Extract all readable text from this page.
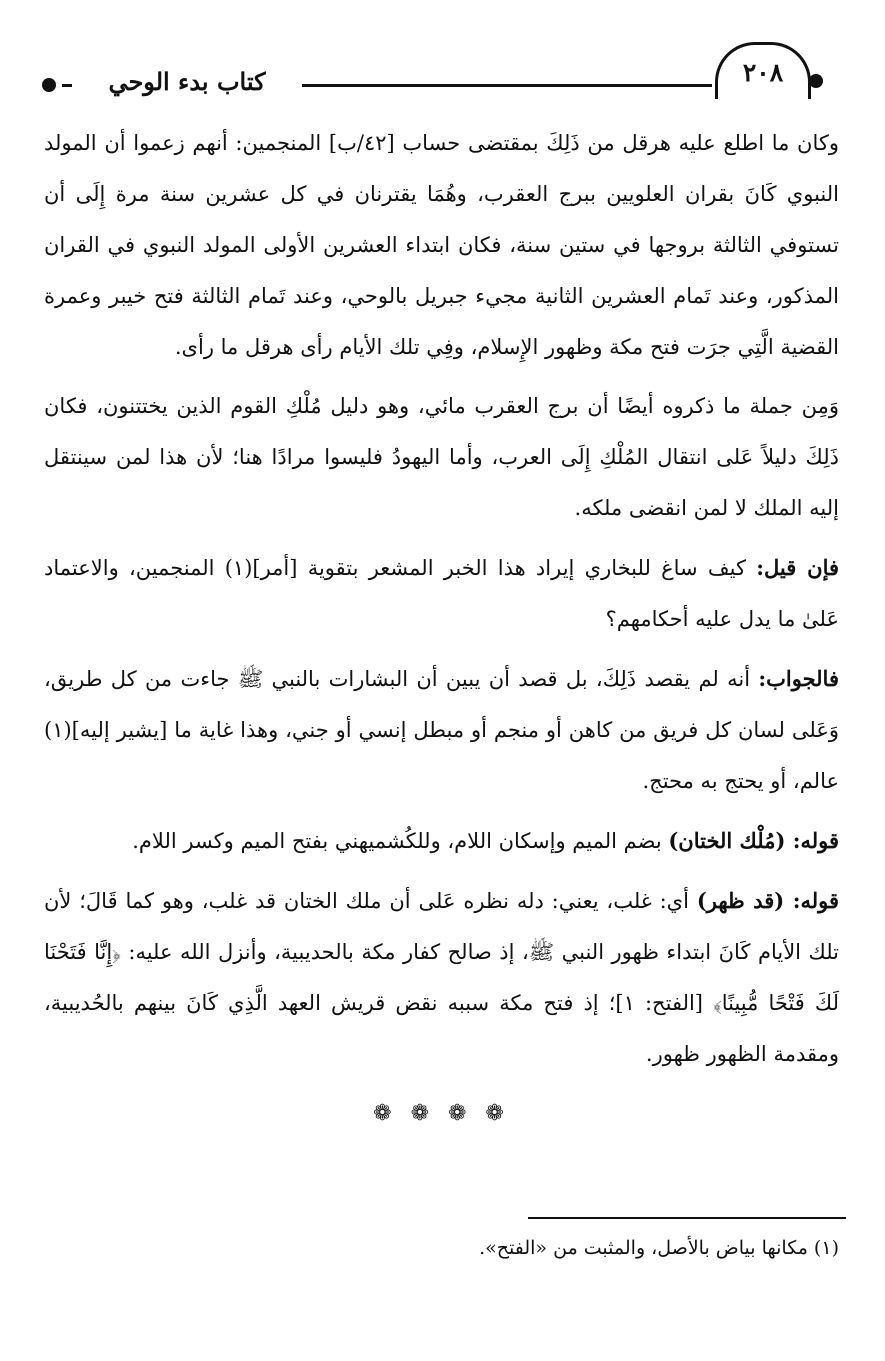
٢٠٨
كتاب بدء الوحي

وكان ما اطلع عليه هرقل من ذَلِكَ بمقتضى حساب [٤٢/ب] المنجمين: أنهم زعموا أن المولد النبوي كَانَ بقران العلويين ببرج العقرب، وهُمَا يقترنان في كل عشرين سنة مرة إِلَى أن تستوفي الثالثة بروجها في ستين سنة، فكان ابتداء العشرين الأولى المولد النبوي في القران المذكور، وعند تَمام العشرين الثانية مجيء جبريل بالوحي، وعند تَمام الثالثة فتح خيبر وعمرة القضية الَّتِي جرَت فتح مكة وظهور الإِسلام، وفِي تلك الأيام رأى هرقل ما رأى.

وَمِن جملة ما ذكروه أيضًا أن برج العقرب مائي، وهو دليل مُلْكِ القوم الذين يختتنون، فكان ذَلِكَ دليلاً عَلى انتقال المُلْكِ إِلَى العرب، وأما اليهودُ فليسوا مرادًا هنا؛ لأن هذا لمن سينتقل إليه الملك لا لمن انقضى ملكه.

فإن قيل: كيف ساغ للبخاري إيراد هذا الخبر المشعر بتقوية [أمر](١) المنجمين، والاعتماد عَلىٰ ما يدل عليه أحكامهم؟

فالجواب: أنه لم يقصد ذَلِكَ، بل قصد أن يبين أن البشارات بالنبي ﷺ جاءت من كل طريق، وَعَلى لسان كل فريق من كاهن أو منجم أو مبطل إنسي أو جني، وهذا غاية ما [يشير إليه](١) عالم، أو يحتج به محتج.

قوله: (مُلْك الختان) بضم الميم وإسكان اللام، وللكُشميهني بفتح الميم وكسر اللام.

قوله: (قد ظهر) أي: غلب، يعني: دله نظره عَلى أن ملك الختان قد غلب، وهو كما قَالَ؛ لأن تلك الأيام كَانَ ابتداء ظهور النبي ﷺ، إذ صالح كفار مكة بالحديبية، وأنزل الله عليه: ﴿إِنَّا فَتَحْنَا لَكَ فَتْحًا مُّبِينًا﴾ [الفتح: ١]؛ إذ فتح مكة سببه نقض قريش العهد الَّذِي كَانَ بينهم بالحُديبية، ومقدمة الظهور ظهور.

❁ ❁ ❁ ❁
(١) مكانها بياض بالأصل، والمثبت من «الفتح».
